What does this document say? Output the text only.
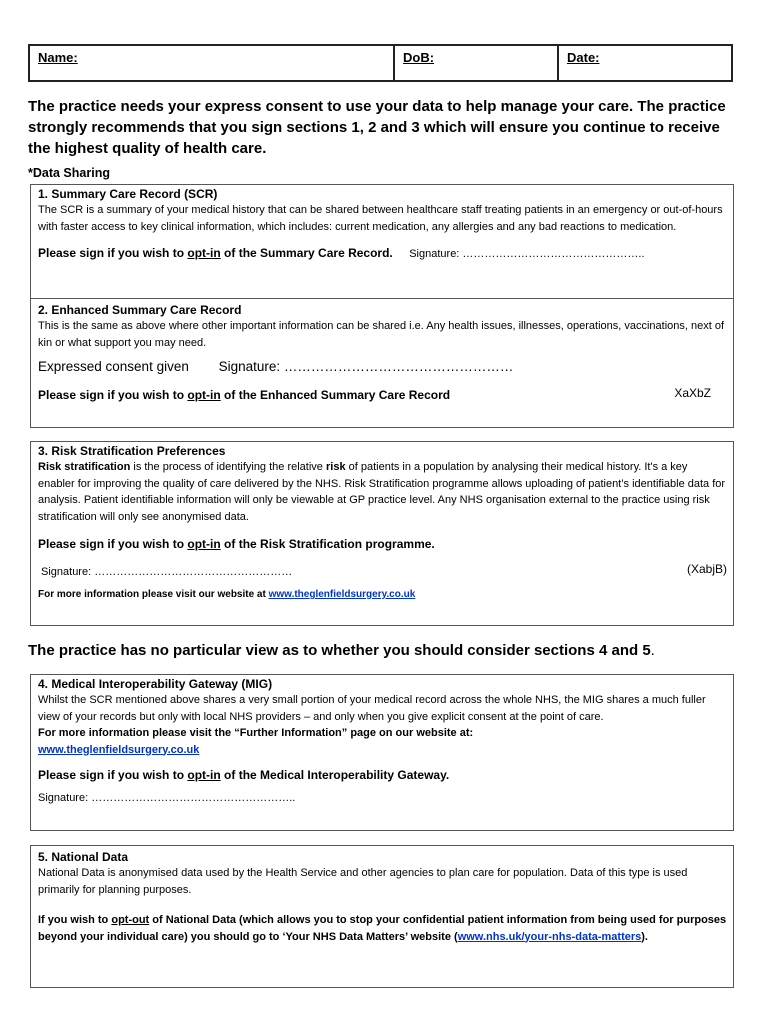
Name:	DoB:	Date:
The practice needs your express consent to use your data to help manage your care. The practice strongly recommends that you sign sections 1, 2 and 3 which will ensure you continue to receive the highest quality of health care.
*Data Sharing
1. Summary Care Record (SCR)
The SCR is a summary of your medical history that can be shared between healthcare staff treating patients in an emergency or out-of-hours with faster access to key clinical information, which includes: current medication, any allergies and any bad reactions to medication.
Please sign if you wish to opt-in of the Summary Care Record. Signature: …………………………………………..
2. Enhanced Summary Care Record
This is the same as above where other important information can be shared i.e. Any health issues, illnesses, operations, vaccinations, next of kin or what support you may need.
Expressed consent given Signature: ……………………………………………
Please sign if you wish to opt-in of the Enhanced Summary Care Record	XaXbZ
3. Risk Stratification Preferences
Risk stratification is the process of identifying the relative risk of patients in a population by analysing their medical history. It's a key enabler for improving the quality of care delivered by the NHS. Risk Stratification programme allows uploading of patient’s identifiable data for analysis. Patient identifiable information will only be viewable at GP practice level. Any NHS organisation external to the practice using risk stratification will only see anonymised data.
Please sign if you wish to opt-in of the Risk Stratification programme.
Signature: ………………………………………………	(XabjB)
For more information please visit our website at www.theglenfieldsurgery.co.uk
The practice has no particular view as to whether you should consider sections 4 and 5.
4. Medical Interoperability Gateway (MIG)
Whilst the SCR mentioned above shares a very small portion of your medical record across the whole NHS, the MIG shares a much fuller view of your records but only with local NHS providers – and only when you give explicit consent at the point of care.
For more information please visit the “Further Information” page on our website at:
www.theglenfieldsurgery.co.uk
Please sign if you wish to opt-in of the Medical Interoperability Gateway.
Signature: ………………………………………………..
5. National Data
National Data is anonymised data used by the Health Service and other agencies to plan care for population. Data of this type is used primarily for planning purposes.
If you wish to opt-out of National Data (which allows you to stop your confidential patient information from being used for purposes beyond your individual care) you should go to ‘Your NHS Data Matters’ website (www.nhs.uk/your-nhs-data-matters).
